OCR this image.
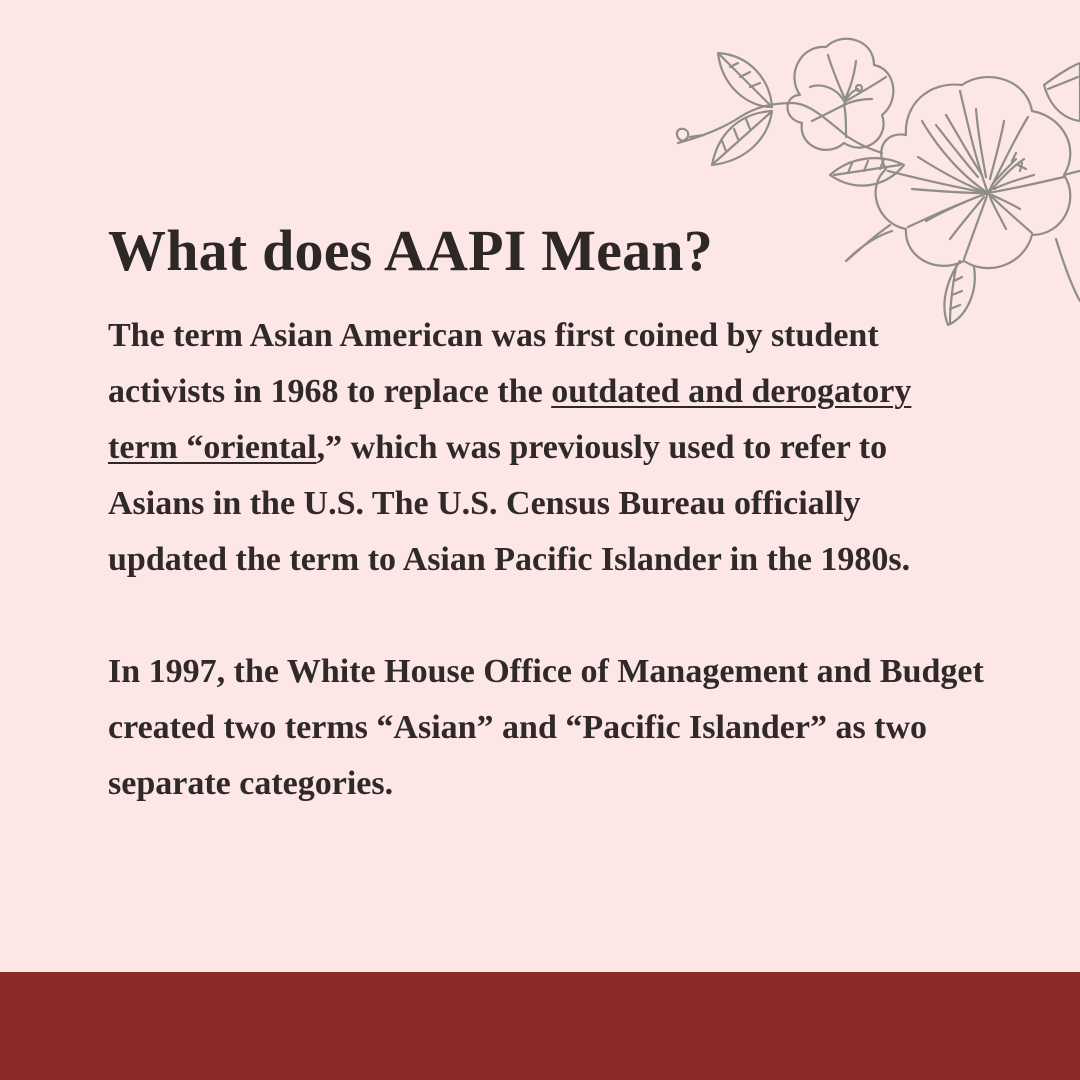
What does AAPI Mean?

The term Asian American was first coined by student activists in 1968 to replace the outdated and derogatory term “oriental,” which was previously used to refer to Asians in the U.S. The U.S. Census Bureau officially updated the term to Asian Pacific Islander in the 1980s.

In 1997, the White House Office of Management and Budget created two terms “Asian” and “Pacific Islander” as two separate categories.
